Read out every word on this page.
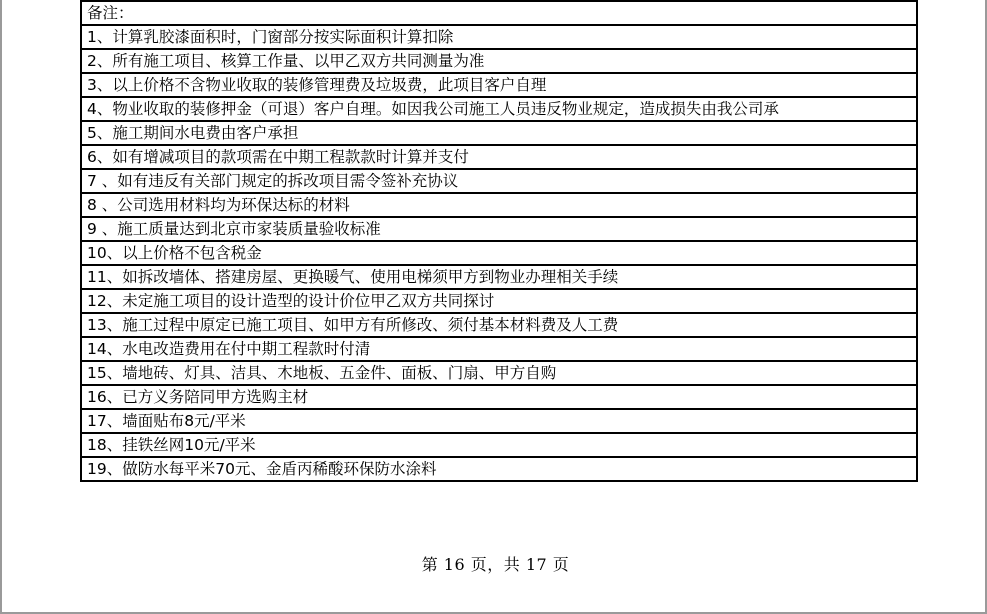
备注：
1、计算乳胶漆面积时，门窗部分按实际面积计算扣除
2、所有施工项目、核算工作量、以甲乙双方共同测量为准
3、以上价格不含物业收取的装修管理费及垃圾费，此项目客户自理
4、物业收取的装修押金（可退）客户自理。如因我公司施工人员违反物业规定，造成损失由我公司承
5、施工期间水电费由客户承担
6、如有增减项目的款项需在中期工程款款时计算并支付
7 、如有违反有关部门规定的拆改项目需令签补充协议
8 、公司选用材料均为环保达标的材料
9 、施工质量达到北京市家装质量验收标准
10、以上价格不包含税金
11、如拆改墙体、搭建房屋、更换暖气、使用电梯须甲方到物业办理相关手续
12、未定施工项目的设计造型的设计价位甲乙双方共同探讨
13、施工过程中原定已施工项目、如甲方有所修改、须付基本材料费及人工费
14、水电改造费用在付中期工程款时付清
15、墙地砖、灯具、洁具、木地板、五金件、面板、门扇、甲方自购
16、已方义务陪同甲方选购主材
17、墙面贴布8元/平米
18、挂铁丝网10元/平米
19、做防水每平米70元、金盾丙稀酸环保防水涂料
第 16 页，共 17 页
